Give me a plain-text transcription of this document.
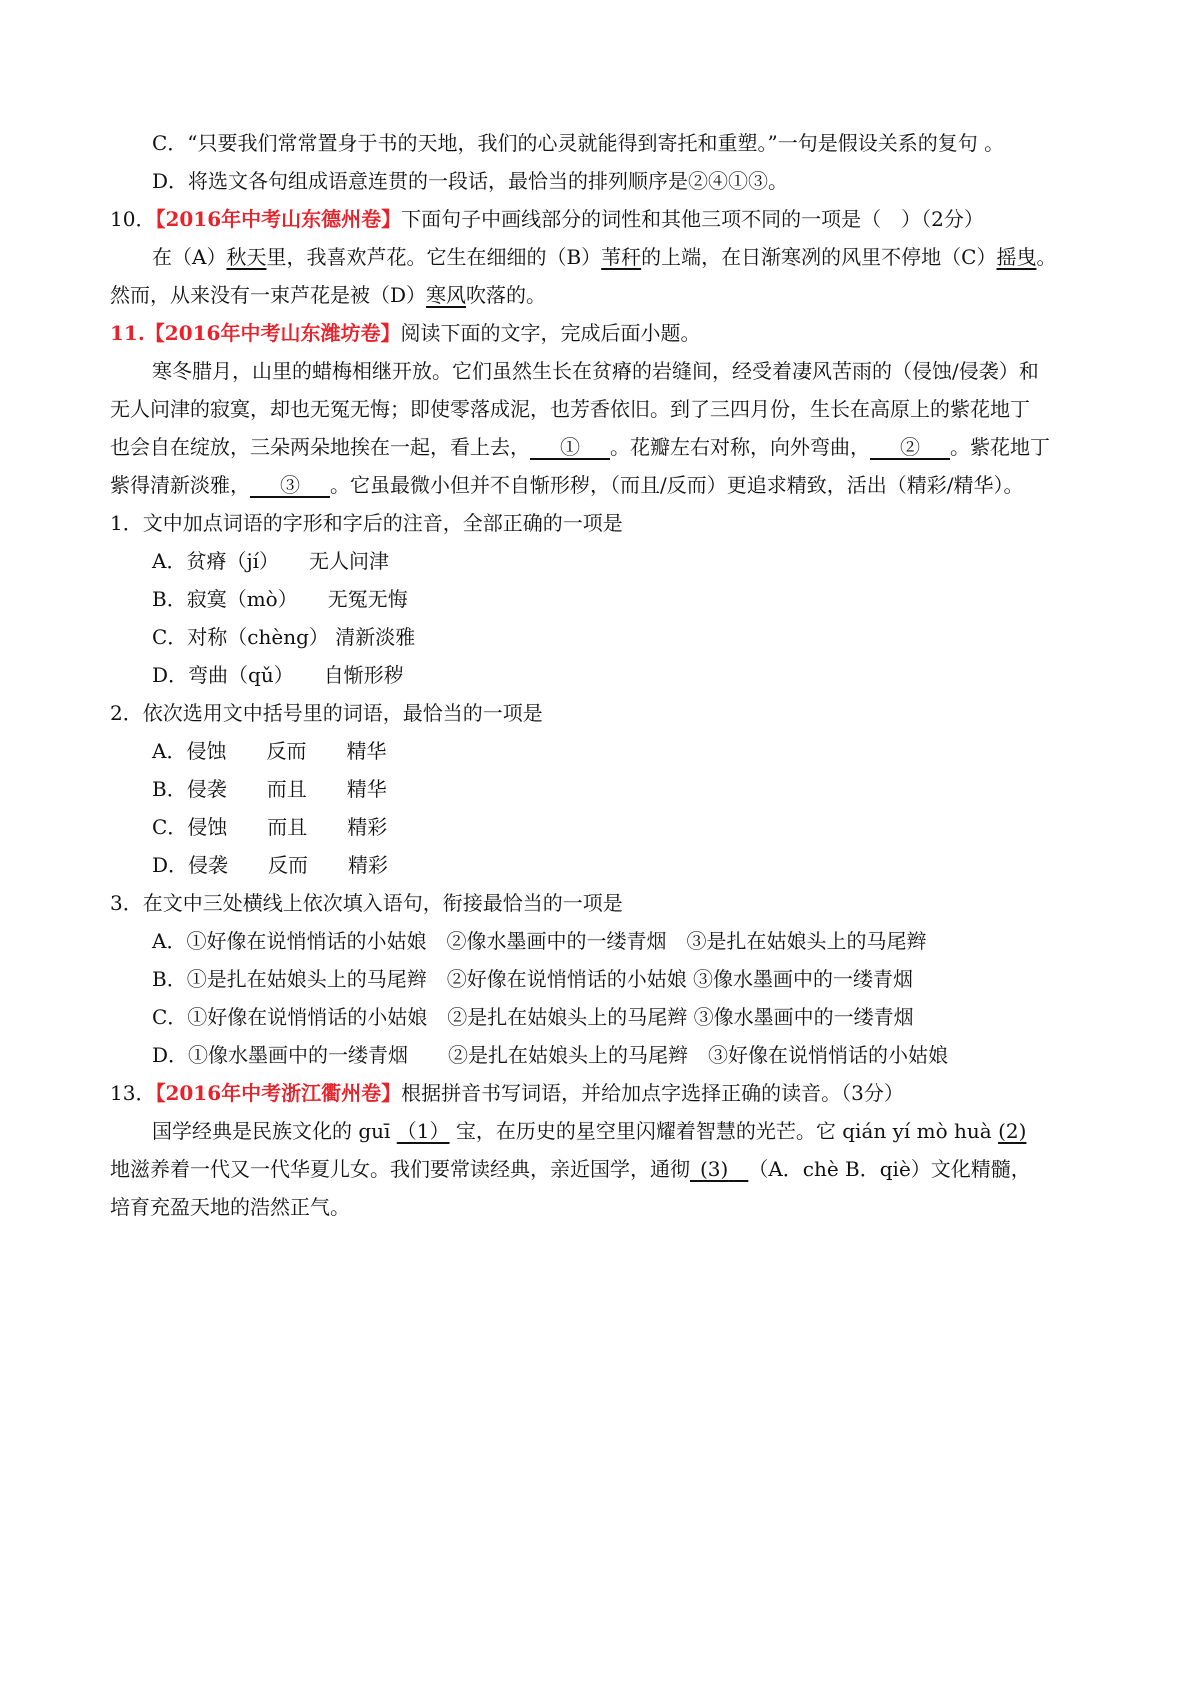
C．“只要我们常常置身于书的天地，我们的心灵就能得到寄托和重塑。”一句是假设关系的复句 。
D．将选文各句组成语意连贯的一段话，最恰当的排列顺序是②④①③。
10．【2016年中考山东德州卷】下面句子中画线部分的词性和其他三项不同的一项是（　）（2分）
在（A）秋天里，我喜欢芦花。它生在细细的（B）苇秆的上端，在日渐寒冽的风里不停地（C）摇曳。
然而，从来没有一束芦花是被（D）寒风吹落的。
11.【2016年中考山东潍坊卷】阅读下面的文字，完成后面小题。
寒冬腊月，山里的蜡梅相继开放。它们虽然生长在贫瘠的岩缝间，经受着凄风苦雨的（侵蚀/侵袭）和
无人问津的寂寞，却也无冤无悔；即使零落成泥，也芳香依旧。到了三四月份，生长在高原上的紫花地丁
也会自在绽放，三朵两朵地挨在一起，看上去，   ①   。花瓣左右对称，向外弯曲，   ②   。紫花地丁
紫得清新淡雅，   ③   。它虽最微小但并不自惭形秽，（而且/反而）更追求精致，活出（精彩/精华）。
1．文中加点词语的字形和字后的注音，全部正确的一项是
A．贫瘠（jí）　　无人问津
B．寂寞（mò）　　无冤无悔
C．对称（chèng） 清新淡雅
D．弯曲（qǔ）　　自惭形秽
2．依次选用文中括号里的词语，最恰当的一项是
A．侵蚀　　反而　　精华
B．侵袭　　而且　　精华
C．侵蚀　　而且　　精彩
D．侵袭　　反而　　精彩
3．在文中三处横线上依次填入语句，衔接最恰当的一项是
A．①好像在说悄悄话的小姑娘　②像水墨画中的一缕青烟　③是扎在姑娘头上的马尾辫
B．①是扎在姑娘头上的马尾辫　②好像在说悄悄话的小姑娘 ③像水墨画中的一缕青烟
C．①好像在说悄悄话的小姑娘　②是扎在姑娘头上的马尾辫 ③像水墨画中的一缕青烟
D．①像水墨画中的一缕青烟　　②是扎在姑娘头上的马尾辫　③好像在说悄悄话的小姑娘
13．【2016年中考浙江衢州卷】根据拼音书写词语，并给加点字选择正确的读音。（3分）
国学经典是民族文化的 guī （1） 宝，在历史的星空里闪耀着智慧的光芒。它 qián yí mò huà (2)
地滋养着一代又一代华夏儿女。我们要常读经典，亲近国学，通彻  (3)  （A．chè B．qiè）文化精髓，
培育充盈天地的浩然正气。
